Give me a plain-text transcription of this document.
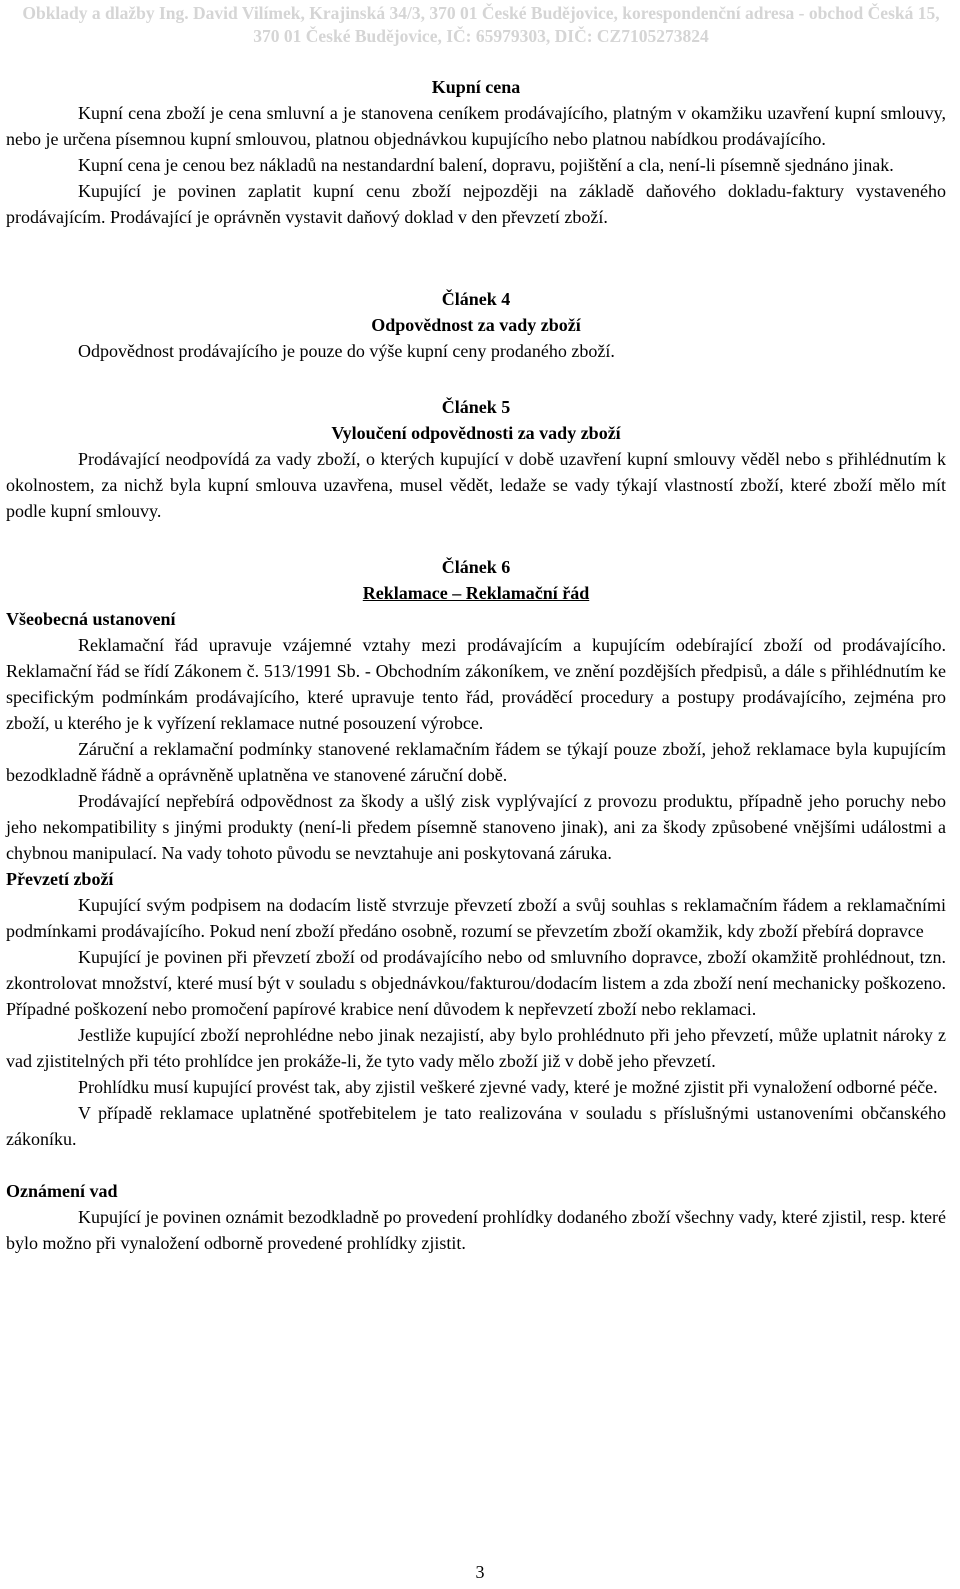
Obklady a dlažby Ing. David Vilímek, Krajinská 34/3, 370 01 České Budějovice, korespondenční adresa - obchod Česká 15,
370 01 České Budějovice, IČ: 65979303, DIČ: CZ7105273824

Kupní cena

Kupní cena zboží je cena smluvní a je stanovena ceníkem prodávajícího, platným v okamžiku uzavření kupní smlouvy, nebo je určena písemnou kupní smlouvou, platnou objednávkou kupujícího nebo platnou nabídkou prodávajícího.

Kupní cena je cenou bez nákladů na nestandardní balení, dopravu, pojištění a cla, není-li písemně sjednáno jinak.

Kupující je povinen zaplatit kupní cenu zboží nejpozději na základě daňového dokladu-faktury vystaveného prodávajícím. Prodávající je oprávněn vystavit daňový doklad v den převzetí zboží.

Článek 4

Odpovědnost za vady zboží

Odpovědnost prodávajícího je pouze do výše kupní ceny prodaného zboží.

Článek 5

Vyloučení odpovědnosti za vady zboží

Prodávající neodpovídá za vady zboží, o kterých kupující v době uzavření kupní smlouvy věděl nebo s přihlédnutím k okolnostem, za nichž byla kupní smlouva uzavřena, musel vědět, ledaže se vady týkají vlastností zboží, které zboží mělo mít podle kupní smlouvy.

Článek 6

Reklamace – Reklamační řád

Všeobecná ustanovení

Reklamační řád upravuje vzájemné vztahy mezi prodávajícím a kupujícím odebírající zboží od prodávajícího. Reklamační řád se řídí Zákonem č. 513/1991 Sb. - Obchodním zákoníkem, ve znění pozdějších předpisů, a dále s přihlédnutím ke specifickým podmínkám prodávajícího, které upravuje tento řád, prováděcí procedury a postupy prodávajícího, zejména pro zboží, u kterého je k vyřízení reklamace nutné posouzení výrobce.

Záruční a reklamační podmínky stanovené reklamačním řádem se týkají pouze zboží, jehož reklamace byla kupujícím bezodkladně řádně a oprávněně uplatněna ve stanovené záruční době.

Prodávající nepřebírá odpovědnost za škody a ušlý zisk vyplývající z provozu produktu, případně jeho poruchy nebo jeho nekompatibility s jinými produkty (není-li předem písemně stanoveno jinak), ani za škody způsobené vnějšími událostmi a chybnou manipulací. Na vady tohoto původu se nevztahuje ani poskytovaná záruka.

Převzetí zboží

Kupující svým podpisem na dodacím listě stvrzuje převzetí zboží a svůj souhlas s reklamačním řádem a reklamačními podmínkami prodávajícího. Pokud není zboží předáno osobně, rozumí se převzetím zboží okamžik, kdy zboží přebírá dopravce

Kupující je povinen při převzetí zboží od prodávajícího nebo od smluvního dopravce, zboží okamžitě prohlédnout, tzn. zkontrolovat množství, které musí být v souladu s objednávkou/fakturou/dodacím listem a zda zboží není mechanicky poškozeno. Případné poškození nebo promočení papírové krabice není důvodem k nepřevzetí zboží nebo reklamaci.

Jestliže kupující zboží neprohlédne nebo jinak nezajistí, aby bylo prohlédnuto při jeho převzetí, může uplatnit nároky z vad zjistitelných při této prohlídce jen prokáže-li, že tyto vady mělo zboží již v době jeho převzetí.

Prohlídku musí kupující provést tak, aby zjistil veškeré zjevné vady, které je možné zjistit při vynaložení odborné péče.

V případě reklamace uplatněné spotřebitelem je tato realizována v souladu s příslušnými ustanoveními občanského zákoníku.

Oznámení vad

Kupující je povinen oznámit bezodkladně po provedení prohlídky dodaného zboží všechny vady, které zjistil, resp. které bylo možno při vynaložení odborně provedené prohlídky zjistit.

3
